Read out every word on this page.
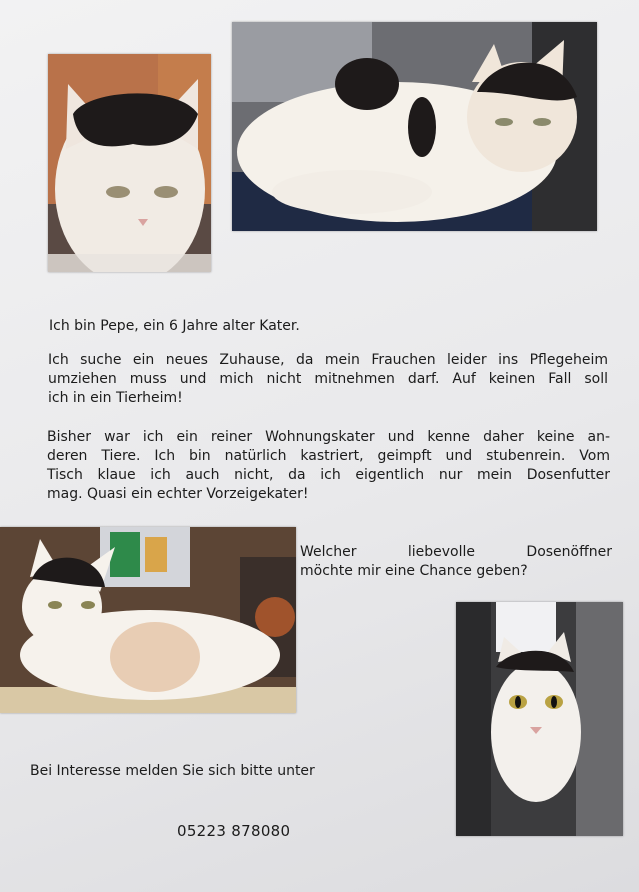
Ich bin Pepe, ein 6 Jahre alter Kater.
Ich suche ein neues Zuhause, da mein Frauchen leider ins Pflegeheim
umziehen muss und mich nicht mitnehmen darf. Auf keinen Fall soll
ich in ein Tierheim!
Bisher war ich ein reiner Wohnungskater und kenne daher keine an-
deren Tiere. Ich bin natürlich kastriert, geimpft und stubenrein. Vom
Tisch klaue ich auch nicht, da ich eigentlich nur mein Dosenfutter
mag. Quasi ein echter Vorzeigekater!
Welcher liebevolle Dosenöffner
möchte mir eine Chance geben?
Bei Interesse melden Sie sich bitte unter
05223 878080
